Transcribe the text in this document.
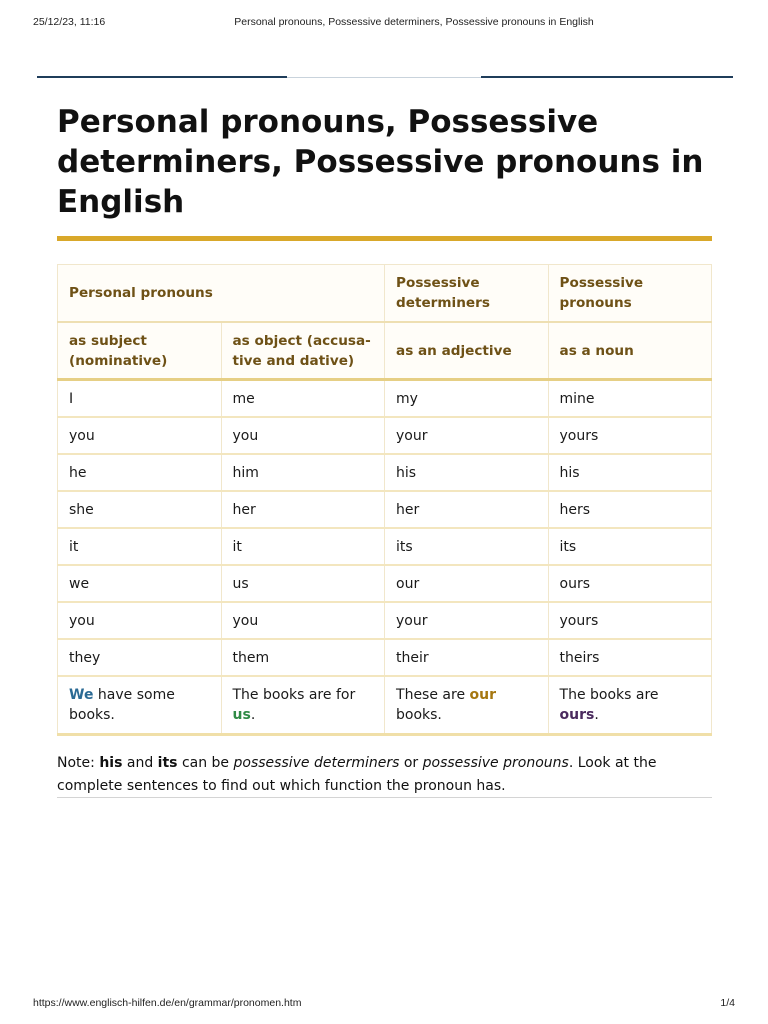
25/12/23, 11:16	Personal pronouns, Possessive determiners, Possessive pronouns in English
Personal pronouns, Possessive determiners, Possessive pronouns in English
Personal pronouns		Possessive determiners	Possessive pronouns
as subject (nominative)	as object (accusa-tive and dative)	as an adjective	as a noun
I	me	my	mine
you	you	your	yours
he	him	his	his
she	her	her	hers
it	it	its	its
we	us	our	ours
you	you	your	yours
they	them	their	theirs
We have some books.	The books are for us.	These are our books.	The books are ours.

Note: his and its can be possessive determiners or possessive pronouns. Look at the complete sentences to find out which function the pronoun has.

https://www.englisch-hilfen.de/en/grammar/pronomen.htm	1/4
